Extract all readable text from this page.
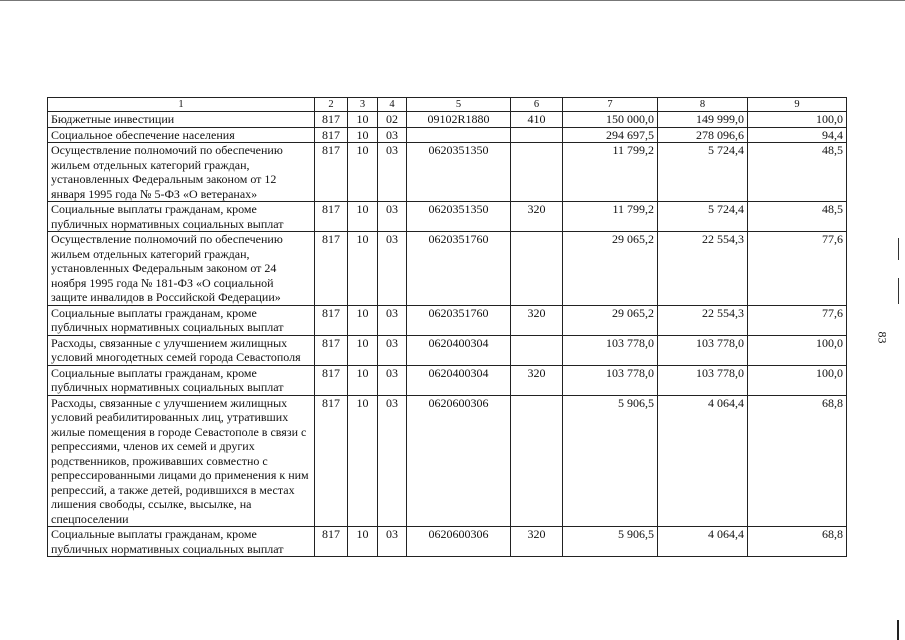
1	2	3	4	5	6	7	8	9
Бюджетные инвестиции	817	10	02	09102R1880	410	150 000,0	149 999,0	100,0
Социальное обеспечение населения	817	10	03			294 697,5	278 096,6	94,4
Осуществление полномочий по обеспечению жильем отдельных категорий граждан, установленных Федеральным законом от 12 января 1995 года № 5-ФЗ «О ветеранах»	817	10	03	0620351350		11 799,2	5 724,4	48,5
Социальные выплаты гражданам, кроме публичных нормативных социальных выплат	817	10	03	0620351350	320	11 799,2	5 724,4	48,5
Осуществление полномочий по обеспечению жильем отдельных категорий граждан, установленных Федеральным законом от 24 ноября 1995 года № 181-ФЗ «О социальной защите инвалидов в Российской Федерации»	817	10	03	0620351760		29 065,2	22 554,3	77,6
Социальные выплаты гражданам, кроме публичных нормативных социальных выплат	817	10	03	0620351760	320	29 065,2	22 554,3	77,6
Расходы, связанные с улучшением жилищных условий многодетных семей города Севастополя	817	10	03	0620400304		103 778,0	103 778,0	100,0
Социальные выплаты гражданам, кроме публичных нормативных социальных выплат	817	10	03	0620400304	320	103 778,0	103 778,0	100,0
Расходы, связанные с улучшением жилищных условий реабилитированных лиц, утративших жилые помещения в городе Севастополе в связи с репрессиями, членов их семей и других родственников, проживавших совместно с репрессированными лицами до применения к ним репрессий, а также детей, родившихся в местах лишения свободы, ссылке, высылке, на спецпоселении	817	10	03	0620600306		5 906,5	4 064,4	68,8
Социальные выплаты гражданам, кроме публичных нормативных социальных выплат	817	10	03	0620600306	320	5 906,5	4 064,4	68,8
83
